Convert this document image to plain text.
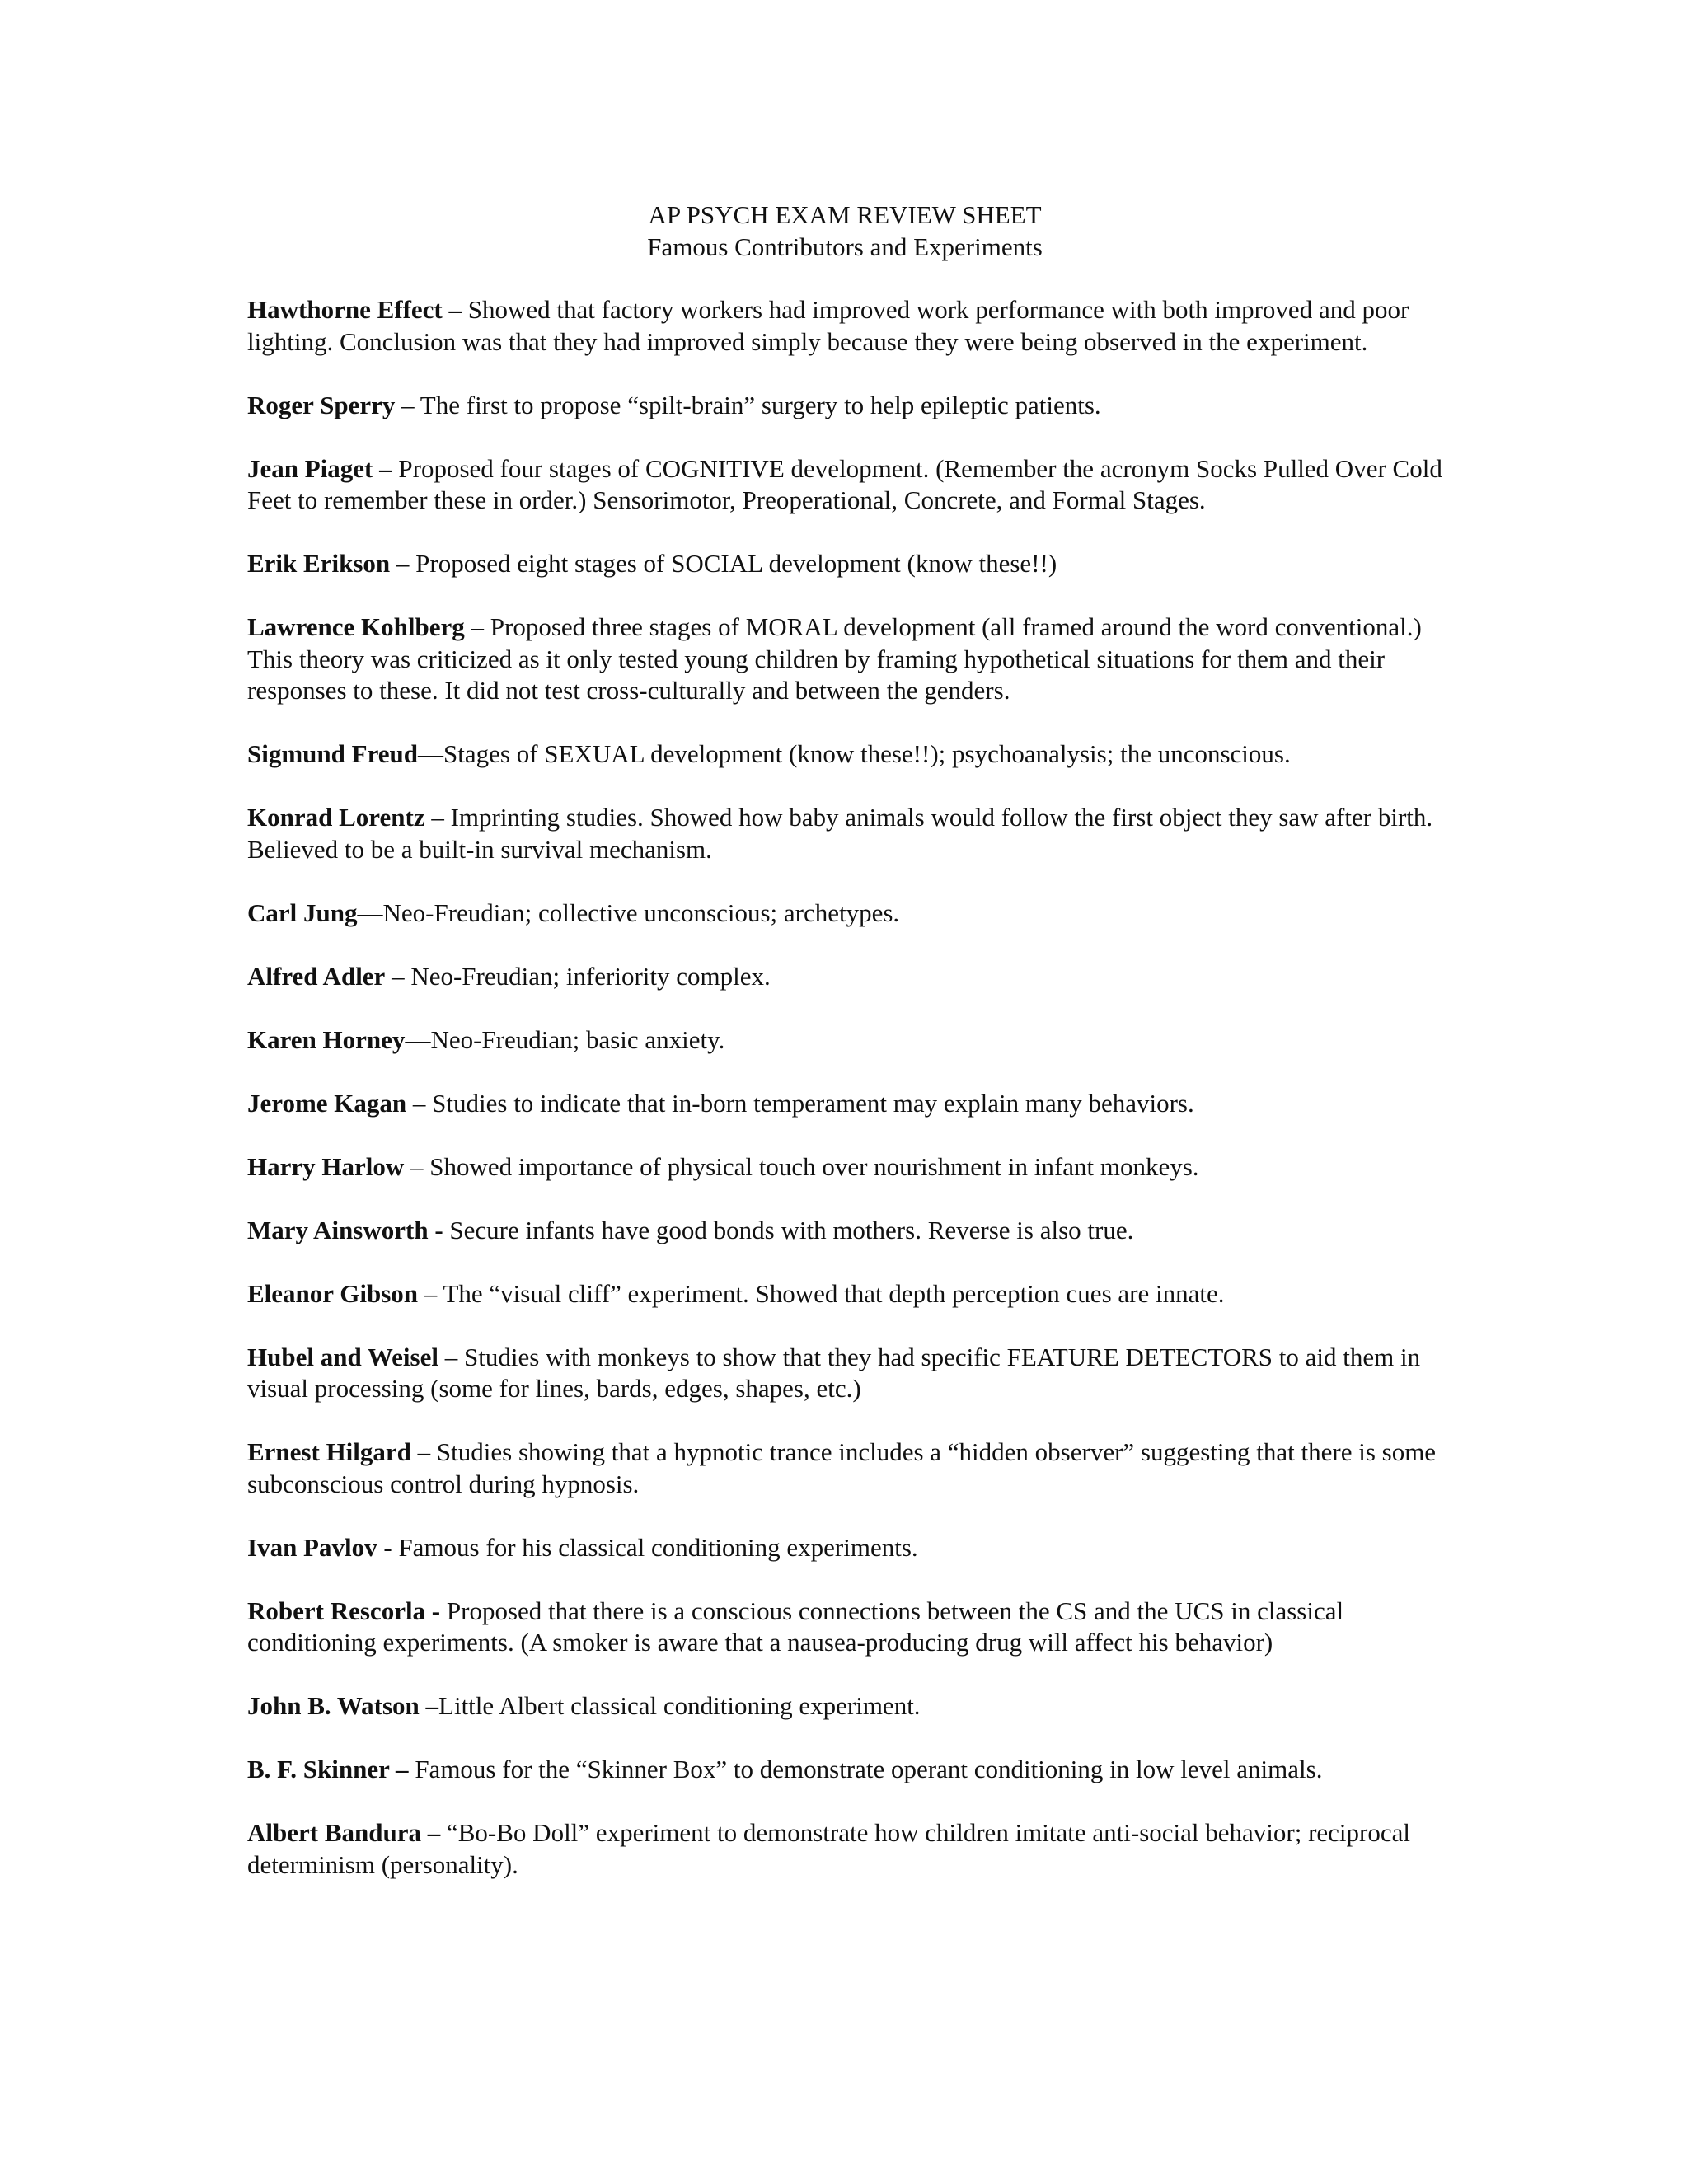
AP PSYCH EXAM REVIEW SHEET
Famous Contributors and Experiments

Hawthorne Effect – Showed that factory workers had improved work performance with both improved and poor lighting. Conclusion was that they had improved simply because they were being observed in the experiment.

Roger Sperry – The first to propose “spilt-brain” surgery to help epileptic patients.

Jean Piaget – Proposed four stages of COGNITIVE development. (Remember the acronym Socks Pulled Over Cold Feet to remember these in order.) Sensorimotor, Preoperational, Concrete, and Formal Stages.

Erik Erikson – Proposed eight stages of SOCIAL development (know these!!)

Lawrence Kohlberg – Proposed three stages of MORAL development (all framed around the word conventional.) This theory was criticized as it only tested young children by framing hypothetical situations for them and their responses to these. It did not test cross-culturally and between the genders.

Sigmund Freud—Stages of SEXUAL development (know these!!); psychoanalysis; the unconscious.

Konrad Lorentz – Imprinting studies. Showed how baby animals would follow the first object they saw after birth. Believed to be a built-in survival mechanism.

Carl Jung—Neo-Freudian; collective unconscious; archetypes.

Alfred Adler – Neo-Freudian; inferiority complex.

Karen Horney—Neo-Freudian; basic anxiety.

Jerome Kagan – Studies to indicate that in-born temperament may explain many behaviors.

Harry Harlow – Showed importance of physical touch over nourishment in infant monkeys.

Mary Ainsworth - Secure infants have good bonds with mothers. Reverse is also true.

Eleanor Gibson – The “visual cliff” experiment. Showed that depth perception cues are innate.

Hubel and Weisel – Studies with monkeys to show that they had specific FEATURE DETECTORS to aid them in visual processing (some for lines, bards, edges, shapes, etc.)

Ernest Hilgard – Studies showing that a hypnotic trance includes a “hidden observer” suggesting that there is some subconscious control during hypnosis.

Ivan Pavlov - Famous for his classical conditioning experiments.

Robert Rescorla - Proposed that there is a conscious connections between the CS and the UCS in classical conditioning experiments. (A smoker is aware that a nausea-producing drug will affect his behavior)

John B. Watson –Little Albert classical conditioning experiment.

B. F. Skinner – Famous for the “Skinner Box” to demonstrate operant conditioning in low level animals.

Albert Bandura – “Bo-Bo Doll” experiment to demonstrate how children imitate anti-social behavior; reciprocal determinism (personality).
